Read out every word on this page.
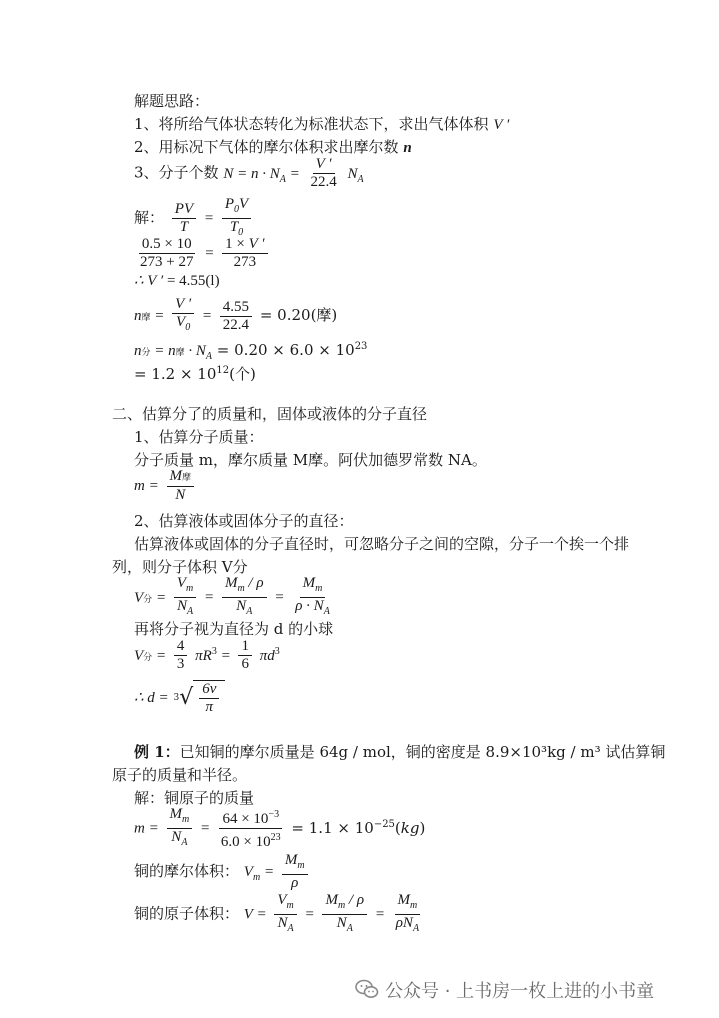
解题思路：
1、将所给气体状态转化为标准状态下，求出气体体积 V ′
2、用标况下气体的摩尔体积求出摩尔数 n
3、分子个数 $N = n \cdot N_A = \frac{V '}{22.4} N_A$
解： $\frac{PV}{T} = \frac{P_0V}{T_0}$
$\frac{0.5 \times 10}{273 + 27} = \frac{1 \times V '}{273}$
∴ V ′ = 4.55(l)
n摩 = $\frac{V '}{V_0} = \frac{4.55}{22.4} = 0.20$(摩)
n分 = n摩 · $N_A = 0.20 \times 6.0 \times 10^{23}$
= $1.2 \times 10^{12}$(个)
二、估算分了的质量和，固体或液体的分子直径
1、估算分子质量：
分子质量 m，摩尔质量 M摩。阿伏加德罗常数 NA。
$m = \frac{\text{M摩}}{N}$
2、估算液体或固体分子的直径：
估算液体或固体的分子直径时，可忽略分子之间的空隙，分子一个挨一个排
列，则分子体积 V分
V分 = $\frac{V_m}{N_A} = \frac{M_m / \rho}{N_A} = \frac{M_m}{\rho \cdot N_A}$
再将分子视为直径为 d 的小球
V分 = $\frac{4}{3} \pi R^3 = \frac{1}{6} \pi d^3$
∴ d = 3 √ $\frac{6v}{\pi}$
例 1：已知铜的摩尔质量是 64g / mol，铜的密度是 8.9×10³kg / m³ 试估算铜
原子的质量和半径。
解：铜原子的质量
$m = \frac{M_m}{N_A} = \frac{64 \times 10^{-3}}{6.0 \times 10^{23}} = 1.1 \times 10^{-25}(kg)$
铜的摩尔体积： $V_m = \frac{M_m}{\rho}$
铜的原子体积： $V = \frac{V_m}{N_A} = \frac{M_m / \rho}{N_A} = \frac{M_m}{\rho N_A}$
公众号 · 上书房一枚上进的小书童
